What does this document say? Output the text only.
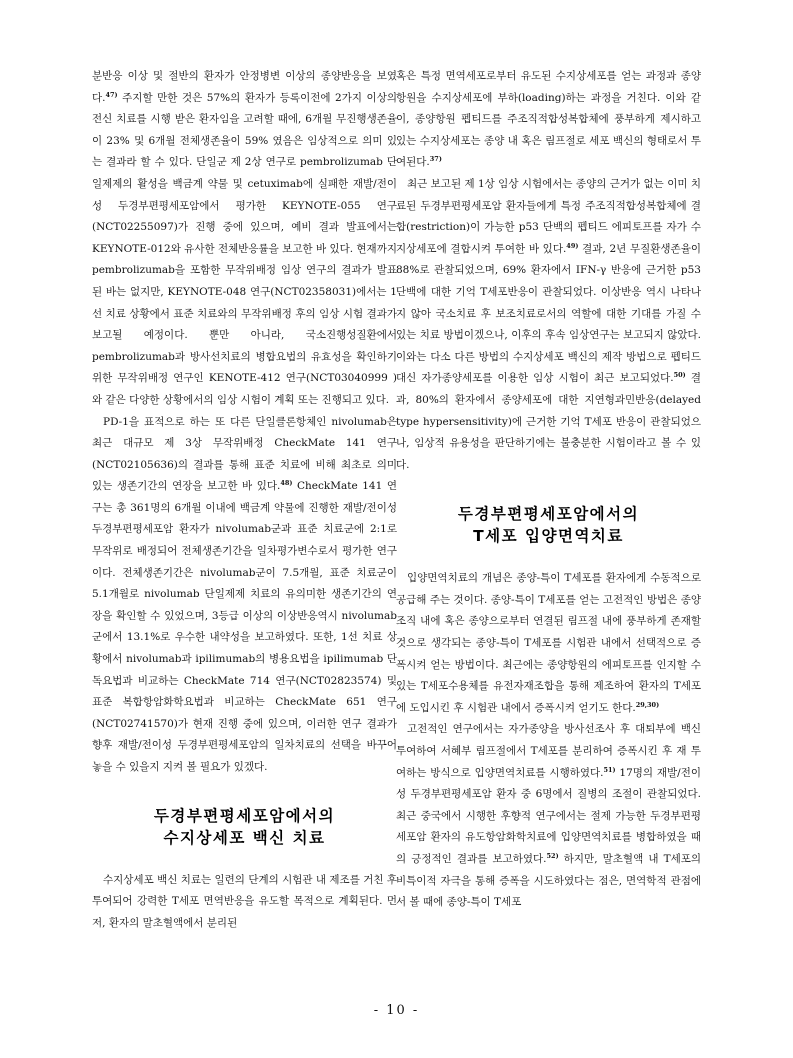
분반응 이상 및 절반의 환자가 안정병변 이상의 종양반응을 보였다.$^{47)}$ 주지할 만한 것은 57%의 환자가 등록이전에 2가지 이상의 전신 치료를 시행 받은 환자임을 고려할 때에, 6개월 무진행생존율이 23% 및 6개월 전체생존율이 59% 였음은 임상적으로 의미 있는 결과라 할 수 있다. 단일군 제 2상 연구로 pembrolizumab 단일제제의 활성을 백금계 약물 및 cetuximab에 실패한 재발/전이성 두경부편평세포암에서 평가한 KEYNOTE-055 연구(NCT02255097)가 진행 중에 있으며, 예비 결과 발표에서는 KEYNOTE-012와 유사한 전체반응률을 보고한 바 있다. 현재까지 pembrolizumab을 포함한 무작위배정 임상 연구의 결과가 발표된 바는 없지만, KEYNOTE-048 연구(NCT02358031)에서는 1선 치료 상황에서 표준 치료와의 무작위배정 후의 임상 시험 결과가 보고될 예정이다. 뿐만 아니라, 국소진행성질환에서 pembrolizumab과 방사선치료의 병합요법의 유효성을 확인하기 위한 무작위배정 연구인 KENOTE-412 연구(NCT03040999 )와 같은 다양한 상황에서의 임상 시험이 계획 또는 진행되고 있다.

PD-1을 표적으로 하는 또 다른 단일클론항체인 nivolumab은 최근 대규모 제 3상 무작위배정 CheckMate 141 연구(NCT02105636)의 결과를 통해 표준 치료에 비해 최초로 의미 있는 생존기간의 연장을 보고한 바 있다.$^{48)}$ CheckMate 141 연구는 총 361명의 6개월 이내에 백금계 약물에 진행한 재발/전이성 두경부편평세포암 환자가 nivolumab군과 표준 치료군에 2:1로 무작위로 배정되어 전체생존기간을 일차평가변수로서 평가한 연구이다. 전체생존기간은 nivolumab군이 7.5개월, 표준 치료군이 5.1개월로 nivolumab 단일제제 치료의 유의미한 생존기간의 연장을 확인할 수 있었으며, 3등급 이상의 이상반응역시 nivolumab군에서 13.1%로 우수한 내약성을 보고하였다. 또한, 1선 치료 상황에서 nivolumab과 ipilimumab의 병용요법을 ipilimumab 단독요법과 비교하는 CheckMate 714 연구(NCT02823574) 및 표준 복합항암화학요법과 비교하는 CheckMate 651 연구(NCT02741570)가 현재 진행 중에 있으며, 이러한 연구 결과가 향후 재발/전이성 두경부편평세포암의 일차치료의 선택을 바꾸어 놓을 수 있을지 지켜 볼 필요가 있겠다.

두경부편평세포암에서의
수지상세포 백신 치료

수지상세포 백신 치료는 일련의 단계의 시험관 내 제조를 거친 후 투여되어 강력한 T세포 면역반응을 유도할 목적으로 계획된다. 먼저, 환자의 말초혈액에서 분리된

혹은 특정 면역세포로부터 유도된 수지상세포를 얻는 과정과 종양항원을 수지상세포에 부하(loading)하는 과정을 거친다. 이와 같이, 종양항원 펩티드를 주조직적합성복합체에 풍부하게 제시하고 있는 수지상세포는 종양 내 혹은 림프절로 세포 백신의 형태로서 투여된다.$^{37)}$

최근 보고된 제 1상 임상 시험에서는 종양의 근거가 없는 이미 치료된 두경부편평세포암 환자들에게 특정 주조직적합성복합체에 결합(restriction)이 가능한 p53 단백의 펩티드 에피토프를 자가 수지상세포에 결합시켜 투여한 바 있다.$^{49)}$ 결과, 2년 무질환생존율이 88%로 관찰되었으며, 69% 환자에서 IFN-γ 반응에 근거한 p53 단백에 대한 기억 T세포반응이 관찰되었다. 이상반응 역시 나타나지 않아 국소치료 후 보조치료로서의 역할에 대한 기대를 가질 수 있는 치료 방법이겠으나, 이후의 후속 임상연구는 보고되지 않았다. 이와는 다소 다른 방법의 수지상세포 백신의 제작 방법으로 펩티드 대신 자가종양세포를 이용한 임상 시험이 최근 보고되었다.$^{50)}$ 결과, 80%의 환자에서 종양세포에 대한 지연형과민반응(delayed type hypersensitivity)에 근거한 기억 T세포 반응이 관찰되었으나, 임상적 유용성을 판단하기에는 불충분한 시험이라고 볼 수 있다.

두경부편평세포암에서의
T세포 입양면역치료

입양면역치료의 개념은 종양-특이 T세포를 환자에게 수동적으로 공급해 주는 것이다. 종양-특이 T세포를 얻는 고전적인 방법은 종양 조직 내에 혹은 종양으로부터 연결된 림프절 내에 풍부하게 존재할 것으로 생각되는 종양-특이 T세포를 시험관 내에서 선택적으로 증폭시켜 얻는 방법이다. 최근에는 종양항원의 에피토프를 인지할 수 있는 T세포수용체를 유전자재조합을 통해 제조하여 환자의 T세포에 도입시킨 후 시험관 내에서 증폭시켜 얻기도 한다.$^{29,30)}$

고전적인 연구에서는 자가종양을 방사선조사 후 대퇴부에 백신 투여하여 서혜부 림프절에서 T세포를 분리하여 증폭시킨 후 재 투여하는 방식으로 입양면역치료를 시행하였다.$^{51)}$ 17명의 재발/전이성 두경부편평세포암 환자 중 6명에서 질병의 조절이 관찰되었다. 최근 중국에서 시행한 후향적 연구에서는 절제 가능한 두경부편평세포암 환자의 유도항암화학치료에 입양면역치료를 병합하였을 때의 긍정적인 결과를 보고하였다.$^{52)}$ 하지만, 말초혈액 내 T세포의 비특이적 자극을 통해 증폭을 시도하였다는 점은, 면역학적 관점에서 볼 때에 종양-특이 T세포

- 10 -
